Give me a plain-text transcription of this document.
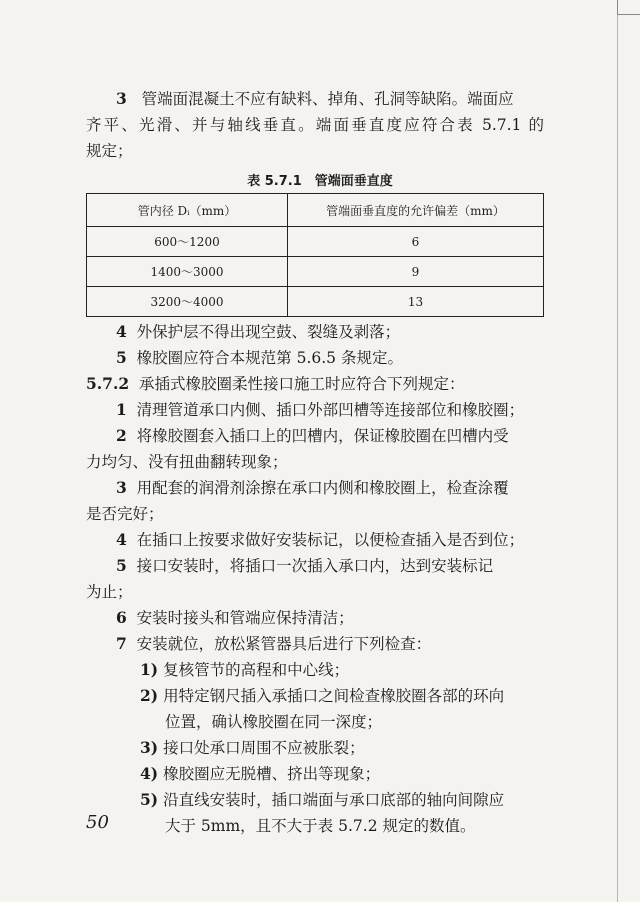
3 管端面混凝土不应有缺料、掉角、孔洞等缺陷。端面应
齐平、光滑、并与轴线垂直。端面垂直度应符合表 5.7.1 的
规定；
表 5.7.1　管端面垂直度
管内径 Dᵢ（mm）	管端面垂直度的允许偏差（mm）
600～1200	6
1400～3000	9
3200～4000	13
4 外保护层不得出现空鼓、裂缝及剥落；
5 橡胶圈应符合本规范第 5.6.5 条规定。
5.7.2 承插式橡胶圈柔性接口施工时应符合下列规定：
1 清理管道承口内侧、插口外部凹槽等连接部位和橡胶圈；
2 将橡胶圈套入插口上的凹槽内，保证橡胶圈在凹槽内受
力均匀、没有扭曲翻转现象；
3 用配套的润滑剂涂擦在承口内侧和橡胶圈上，检查涂覆
是否完好；
4 在插口上按要求做好安装标记，以便检查插入是否到位；
5 接口安装时，将插口一次插入承口内，达到安装标记
为止；
6 安装时接头和管端应保持清洁；
7 安装就位，放松紧管器具后进行下列检查：
1) 复核管节的高程和中心线；
2) 用特定钢尺插入承插口之间检查橡胶圈各部的环向
位置，确认橡胶圈在同一深度；
3) 接口处承口周围不应被胀裂；
4) 橡胶圈应无脱槽、挤出等现象；
5) 沿直线安装时，插口端面与承口底部的轴向间隙应
大于 5mm，且不大于表 5.7.2 规定的数值。
50
